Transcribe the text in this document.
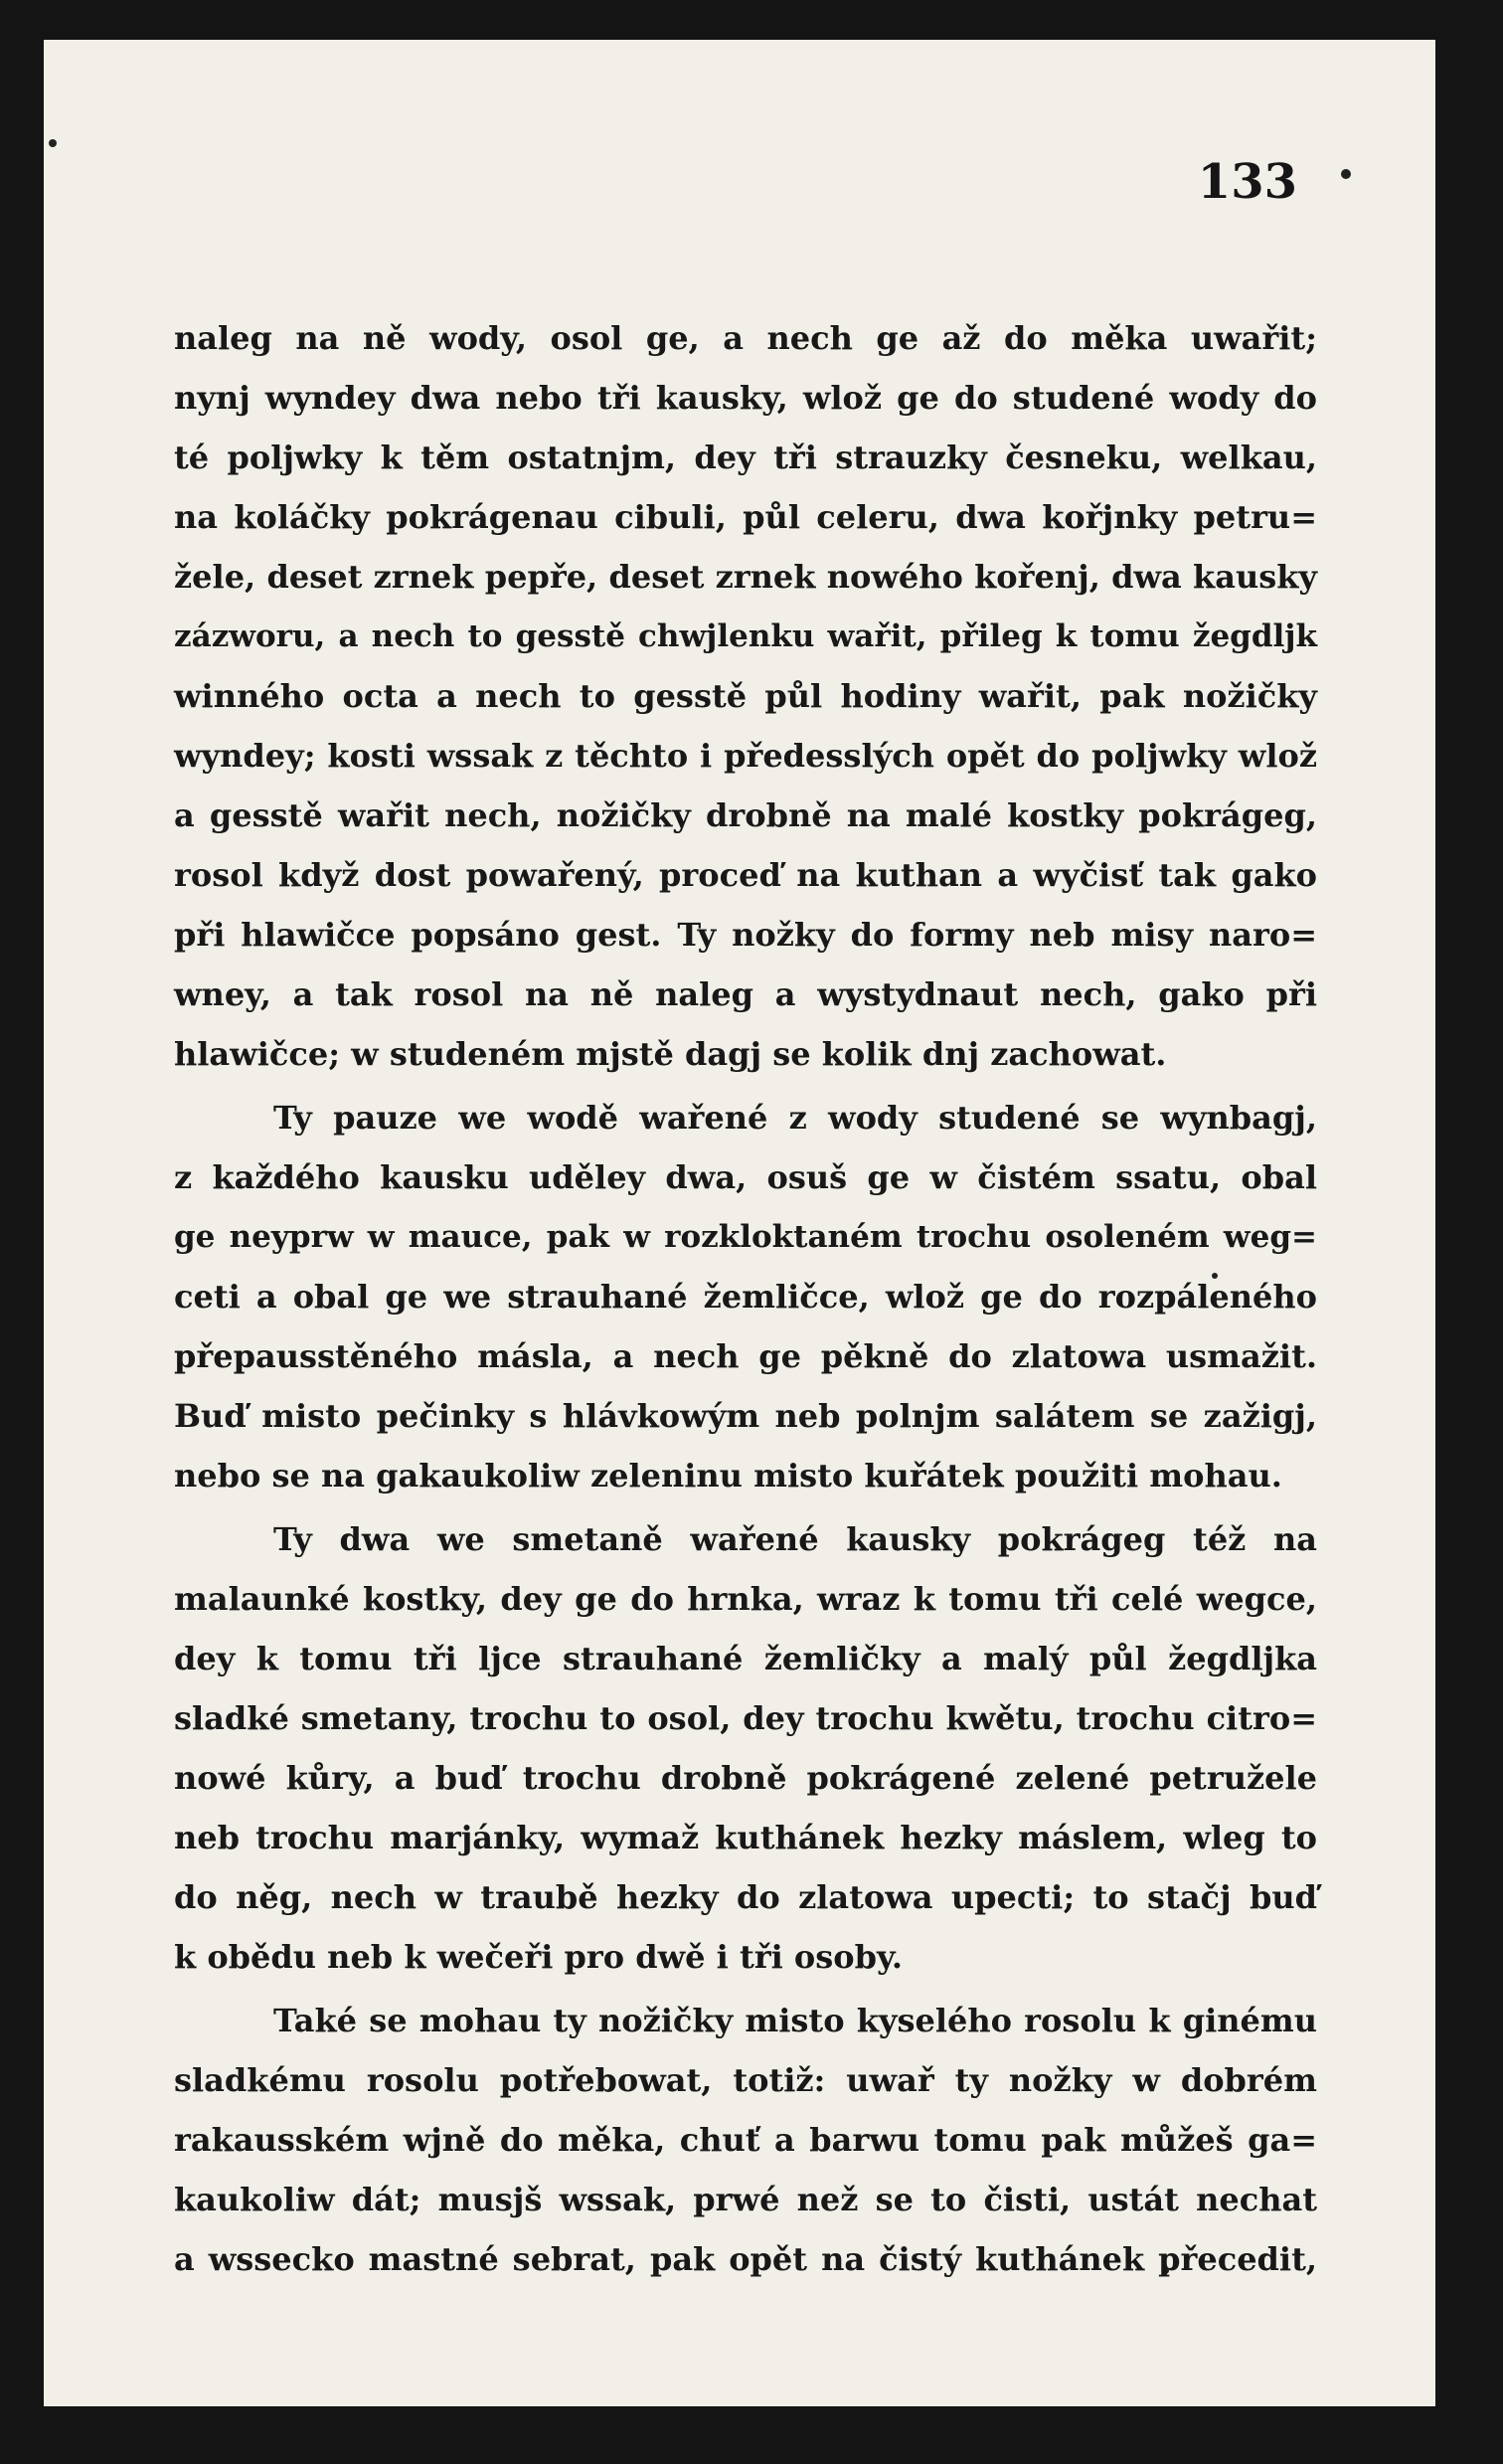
133
naleg na ně wody, osol ge, a nech ge až do měka uwařit;
nynj wyndey dwa nebo tři kausky, wlož ge do studené wody do
té poljwky k těm ostatnjm, dey tři strauzky česneku, welkau,
na koláčky pokrágenau cibuli, půl celeru, dwa kořjnky petru=
žele, deset zrnek pepře, deset zrnek nowého kořenj, dwa kausky
zázworu, a nech to gesstě chwjlenku wařit, přileg k tomu žegdljk
winného octa a nech to gesstě půl hodiny wařit, pak nožičky
wyndey; kosti wssak z těchto i předesslých opět do poljwky wlož
a gesstě wařit nech, nožičky drobně na malé kostky pokrágeg,
rosol když dost powařený, proceď na kuthan a wyčisť tak gako
při hlawičce popsáno gest. Ty nožky do formy neb misy naro=
wney, a tak rosol na ně naleg a wystydnaut nech, gako při
hlawičce; w studeném mjstě dagj se kolik dnj zachowat.
Ty pauze we wodě wařené z wody studené se wynbagj,
z každého kausku uděley dwa, osuš ge w čistém ssatu, obal
ge neyprw w mauce, pak w rozkloktaném trochu osoleném weg=
ceti a obal ge we strauhané žemličce, wlož ge do rozpáleného
přepausstěného másla, a nech ge pěkně do zlatowa usmažit.
Buď misto pečinky s hlávkowým neb polnjm salátem se zažigj,
nebo se na gakaukoliw zeleninu misto kuřátek použiti mohau.
Ty dwa we smetaně wařené kausky pokrágeg též na
malaunké kostky, dey ge do hrnka, wraz k tomu tři celé wegce,
dey k tomu tři ljce strauhané žemličky a malý půl žegdljka
sladké smetany, trochu to osol, dey trochu kwětu, trochu citro=
nowé kůry, a buď trochu drobně pokrágené zelené petružele
neb trochu marjánky, wymaž kuthánek hezky máslem, wleg to
do něg, nech w traubě hezky do zlatowa upecti; to stačj buď
k obědu neb k wečeři pro dwě i tři osoby.
Také se mohau ty nožičky misto kyselého rosolu k ginému
sladkému rosolu potřebowat, totiž: uwař ty nožky w dobrém
rakausském wjně do měka, chuť a barwu tomu pak můžeš ga=
kaukoliw dát; musjš wssak, prwé než se to čisti, ustát nechat
a wssecko mastné sebrat, pak opět na čistý kuthánek přecedit,
